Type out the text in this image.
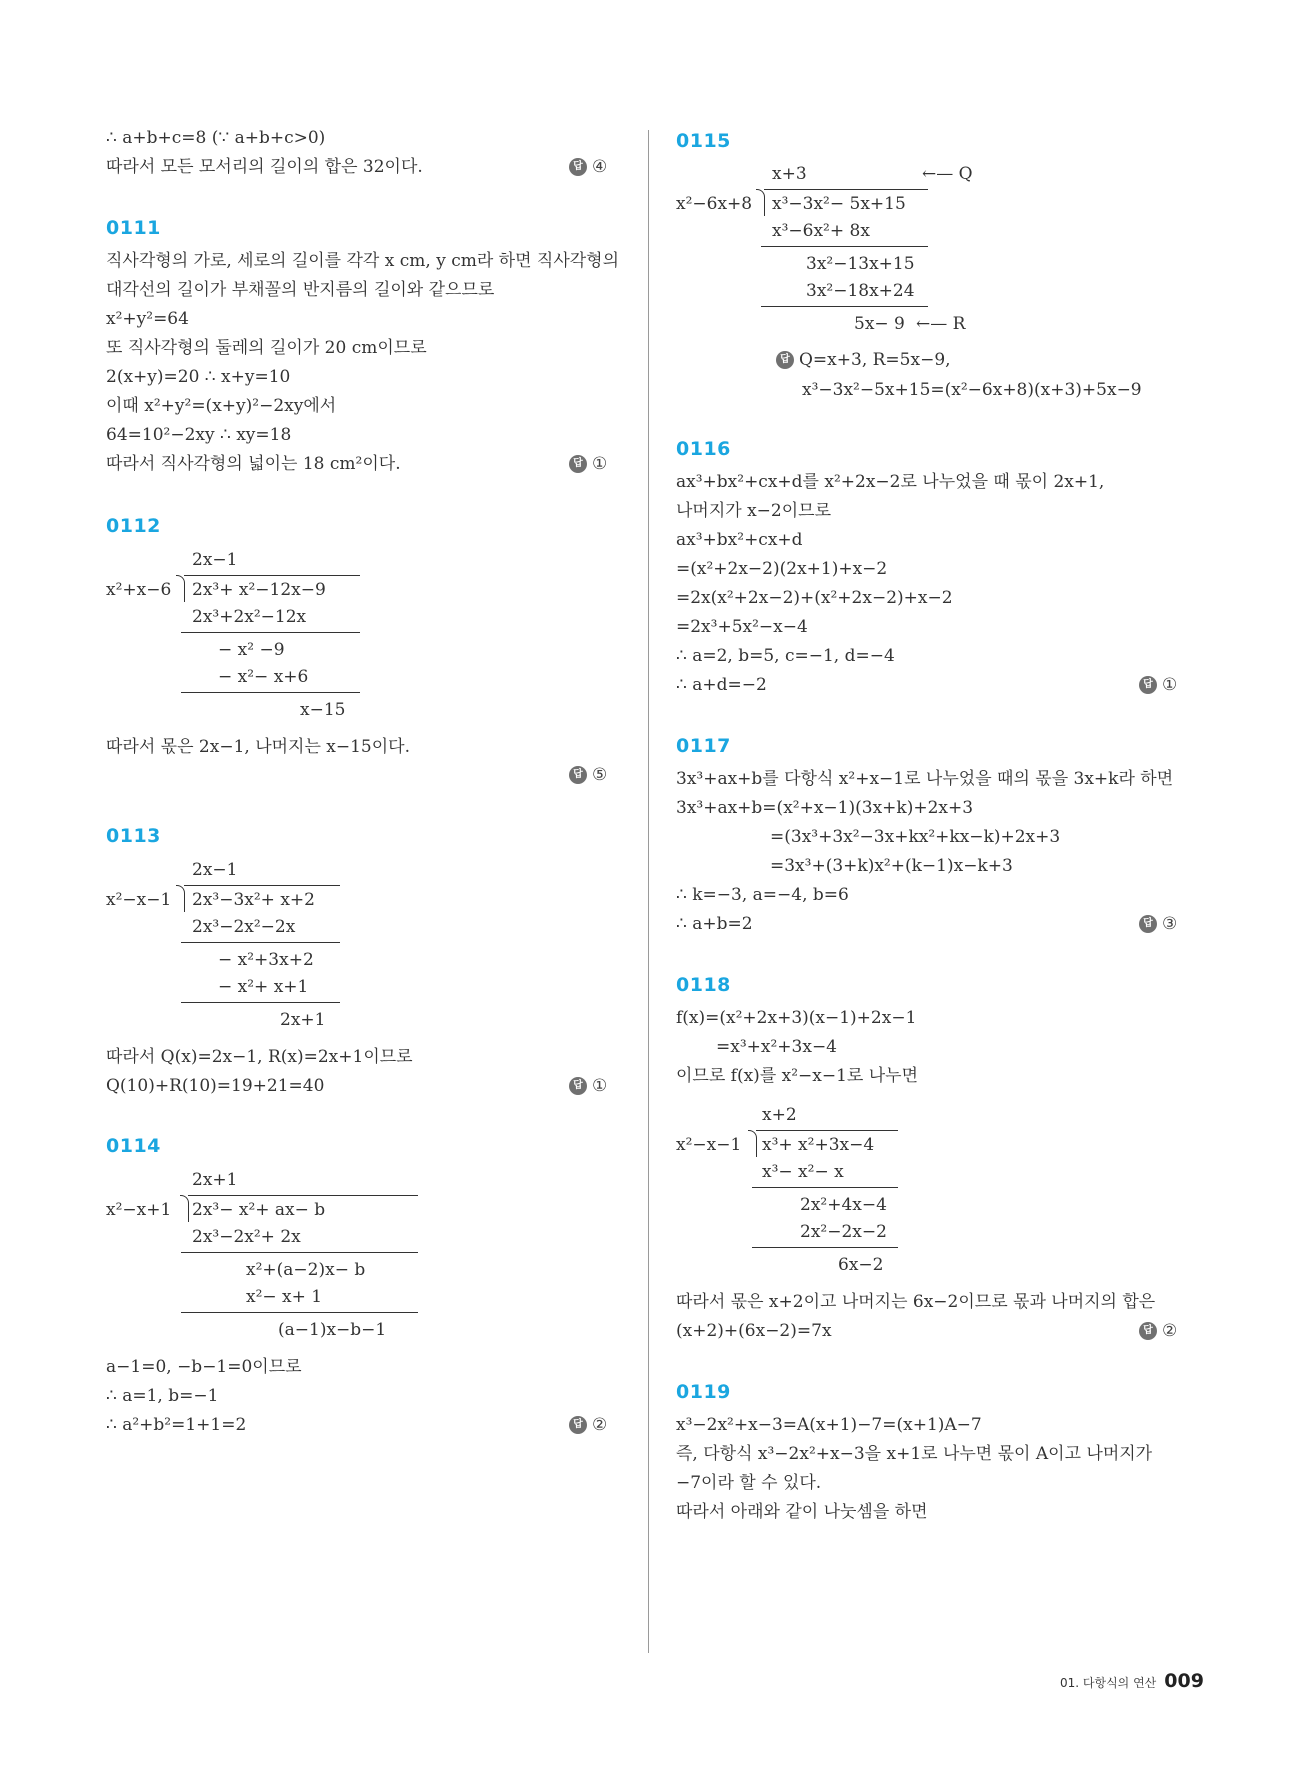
∴ a+b+c=8 (∵ a+b+c>0)
따라서 모든 모서리의 길이의 합은 32이다.	답 ④
0111
직사각형의 가로, 세로의 길이를 각각 x cm, y cm라 하면 직사각형의
대각선의 길이가 부채꼴의 반지름의 길이와 같으므로
x²+y²=64
또 직사각형의 둘레의 길이가 20 cm이므로
2(x+y)=20 ∴ x+y=10
이때 x²+y²=(x+y)²−2xy에서
64=10²−2xy ∴ xy=18
따라서 직사각형의 넓이는 18 cm²이다.	답 ①
0112
2x−1
x²+x−6 2x³+ x²−12x−9
2x³+2x²−12x
− x² −9
− x²− x+6
x−15
따라서 몫은 2x−1, 나머지는 x−15이다.
답 ⑤
0113
2x−1
x²−x−1 2x³−3x²+ x+2
2x³−2x²−2x
− x²+3x+2
− x²+ x+1
2x+1
따라서 Q(x)=2x−1, R(x)=2x+1이므로
Q(10)+R(10)=19+21=40	답 ①
0114
2x+1
x²−x+1 2x³− x²+ ax− b
2x³−2x²+ 2x
x²+(a−2)x− b
x²− x+ 1
(a−1)x−b−1
a−1=0, −b−1=0이므로
∴ a=1, b=−1
∴ a²+b²=1+1=2	답 ②
0115
x+3	←— Q
x²−6x+8 x³−3x²− 5x+15
x³−6x²+ 8x
3x²−13x+15
3x²−18x+24
5x− 9 ←— R
답 Q=x+3, R=5x−9,
x³−3x²−5x+15=(x²−6x+8)(x+3)+5x−9
0116
ax³+bx²+cx+d를 x²+2x−2로 나누었을 때 몫이 2x+1,
나머지가 x−2이므로
ax³+bx²+cx+d
=(x²+2x−2)(2x+1)+x−2
=2x(x²+2x−2)+(x²+2x−2)+x−2
=2x³+5x²−x−4
∴ a=2, b=5, c=−1, d=−4
∴ a+d=−2	답 ①
0117
3x³+ax+b를 다항식 x²+x−1로 나누었을 때의 몫을 3x+k라 하면
3x³+ax+b=(x²+x−1)(3x+k)+2x+3
=(3x³+3x²−3x+kx²+kx−k)+2x+3
=3x³+(3+k)x²+(k−1)x−k+3
∴ k=−3, a=−4, b=6
∴ a+b=2	답 ③
0118
f(x)=(x²+2x+3)(x−1)+2x−1
=x³+x²+3x−4
이므로 f(x)를 x²−x−1로 나누면
x+2
x²−x−1 x³+ x²+3x−4
x³− x²− x
2x²+4x−4
2x²−2x−2
6x−2
따라서 몫은 x+2이고 나머지는 6x−2이므로 몫과 나머지의 합은
(x+2)+(6x−2)=7x	답 ②
0119
x³−2x²+x−3=A(x+1)−7=(x+1)A−7
즉, 다항식 x³−2x²+x−3을 x+1로 나누면 몫이 A이고 나머지가
−7이라 할 수 있다.
따라서 아래와 같이 나눗셈을 하면
01. 다항식의 연산 009
